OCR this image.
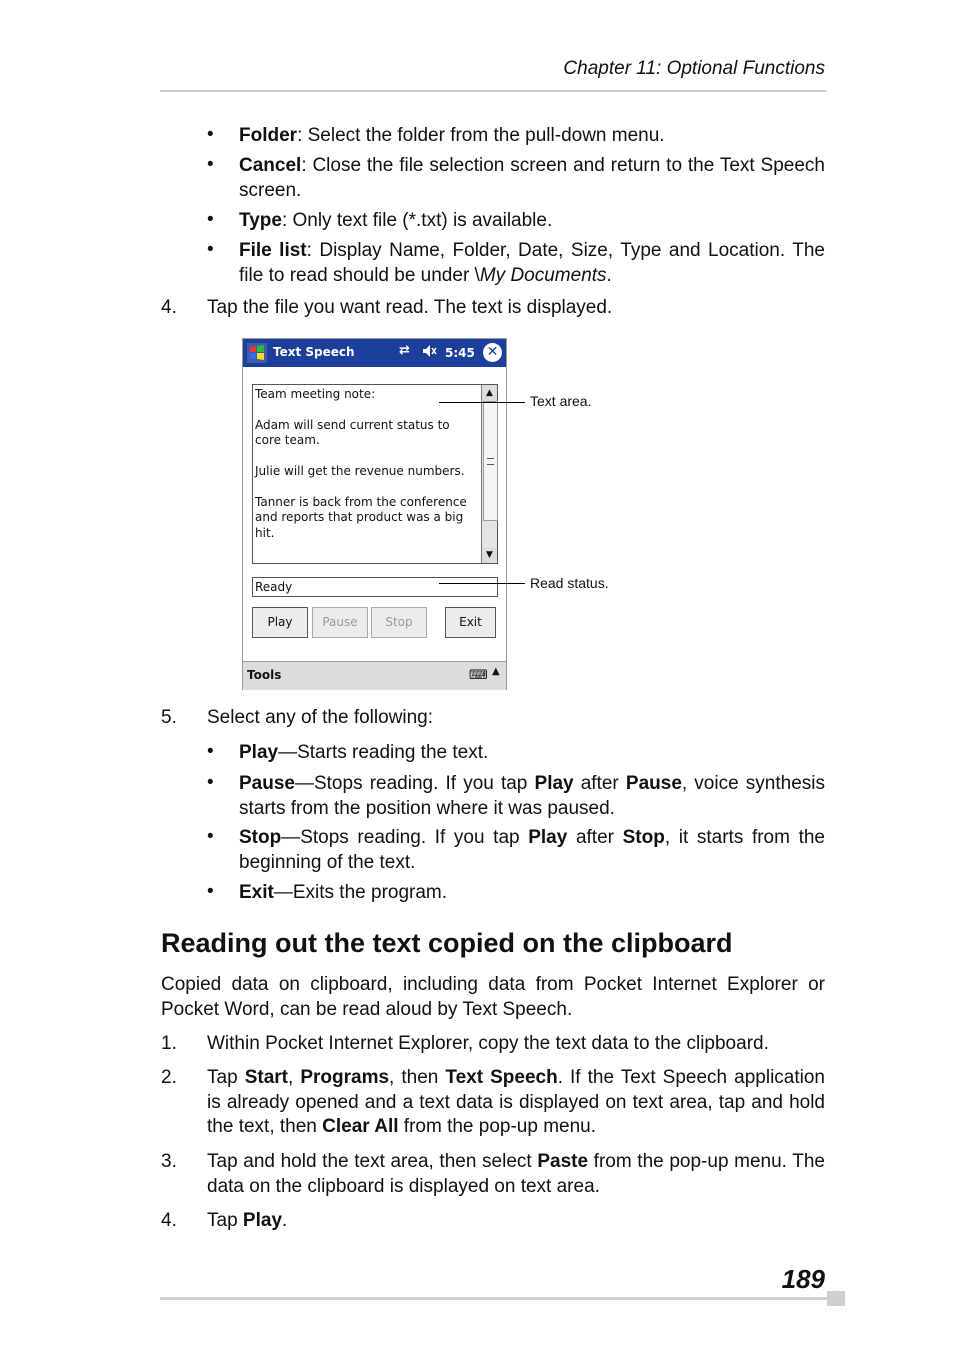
Chapter 11: Optional Functions
• Folder: Select the folder from the pull-down menu.
• Cancel: Close the file selection screen and return to the Text Speech screen.
• Type: Only text file (*.txt) is available.
• File list: Display Name, Folder, Date, Size, Type and Location. The file to read should be under \My Documents.
4. Tap the file you want read. The text is displayed.
Text Speech	⇄	5:45 ✕
Team meeting note:

Adam will send current status to
core team.

Julie will get the revenue numbers.

Tanner is back from the conference
and reports that product was a big
hit.
▲
▼
Ready
Play	Pause	Stop	Exit
Tools	⌨ ▲
Text area.
Read status.
5. Select any of the following:
• Play—Starts reading the text.
• Pause—Stops reading. If you tap Play after Pause, voice synthesis starts from the position where it was paused.
• Stop—Stops reading. If you tap Play after Stop, it starts from the beginning of the text.
• Exit—Exits the program.
Reading out the text copied on the clipboard
Copied data on clipboard, including data from Pocket Internet Explorer or Pocket Word, can be read aloud by Text Speech.
1. Within Pocket Internet Explorer, copy the text data to the clipboard.
2. Tap Start, Programs, then Text Speech. If the Text Speech application is already opened and a text data is displayed on text area, tap and hold the text, then Clear All from the pop-up menu.
3. Tap and hold the text area, then select Paste from the pop-up menu. The data on the clipboard is displayed on text area.
4. Tap Play.
189
